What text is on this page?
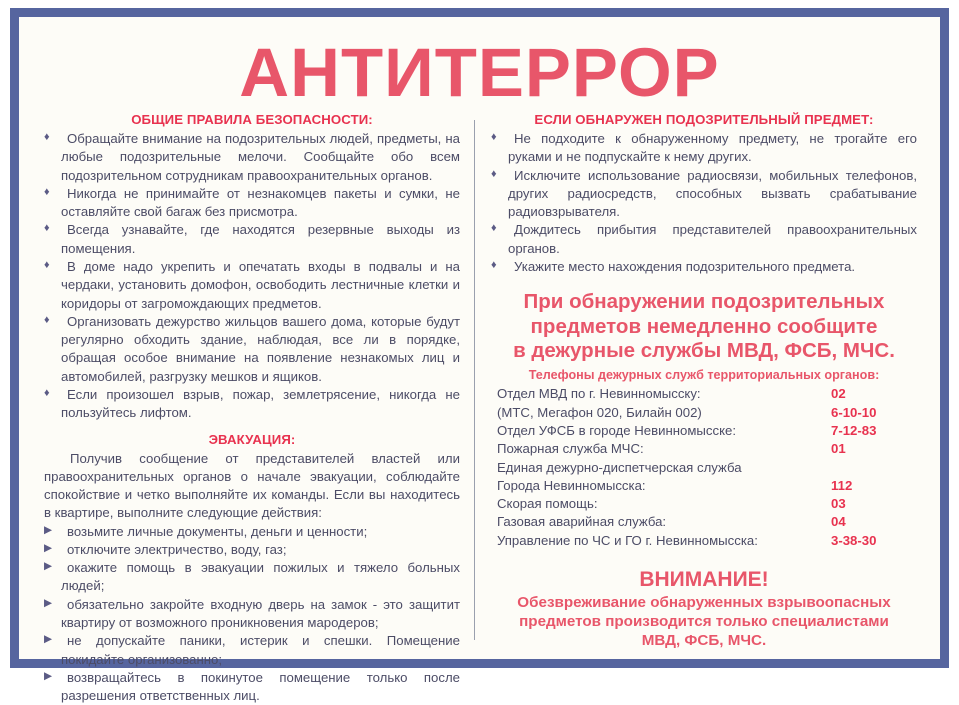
АНТИТЕРРОР
ОБЩИЕ ПРАВИЛА БЕЗОПАСНОСТИ:
♦ Обращайте внимание на подозрительных людей, предметы, на любые подозрительные мелочи. Сообщайте обо всем подозрительном сотрудникам правоохранительных органов.
♦ Никогда не принимайте от незнакомцев пакеты и сумки, не оставляйте свой багаж без присмотра.
♦ Всегда узнавайте, где находятся резервные выходы из помещения.
♦ В доме надо укрепить и опечатать входы в подвалы и на чердаки, установить домофон, освободить лестничные клетки и коридоры от загромождающих предметов.
♦ Организовать дежурство жильцов вашего дома, которые будут регулярно обходить здание, наблюдая, все ли в порядке, обращая особое внимание на появление незнакомых лиц и автомобилей, разгрузку мешков и ящиков.
♦ Если произошел взрыв, пожар, землетрясение, никогда не пользуйтесь лифтом.
ЭВАКУАЦИЯ:
Получив сообщение от представителей властей или правоохранительных органов о начале эвакуации, соблюдайте спокойствие и четко выполняйте их команды. Если вы находитесь в квартире, выполните следующие действия:
▶ возьмите личные документы, деньги и ценности;
▶ отключите электричество, воду, газ;
▶ окажите помощь в эвакуации пожилых и тяжело больных людей;
▶ обязательно закройте входную дверь на замок - это защитит квартиру от возможного проникновения мародеров;
▶ не допускайте паники, истерик и спешки. Помещение покидайте организованно;
▶ возвращайтесь в покинутое помещение только после разрешения ответственных лиц.
ЕСЛИ ОБНАРУЖЕН ПОДОЗРИТЕЛЬНЫЙ ПРЕДМЕТ:
♦ Не подходите к обнаруженному предмету, не трогайте его руками и не подпускайте к нему других.
♦ Исключите использование радиосвязи, мобильных телефонов, других радиосредств, способных вызвать срабатывание радиовзрывателя.
♦ Дождитесь прибытия представителей правоохранительных органов.
♦ Укажите место нахождения подозрительного предмета.
При обнаружении подозрительных
предметов немедленно сообщите
в дежурные службы МВД, ФСБ, МЧС.
Телефоны дежурных служб территориальных органов:
Отдел МВД по г. Невинномысску:	02
(МТС, Мегафон 020, Билайн 002)	6-10-10
Отдел УФСБ в городе Невинномысске:	7-12-83
Пожарная служба МЧС:	01
Единая дежурно-диспетчерская служба	
Города Невинномысска:	112
Скорая помощь:	03
Газовая аварийная служба:	04
Управление по ЧС и ГО г. Невинномысска:	3-38-30
ВНИМАНИЕ!
Обезвреживание обнаруженных взрывоопасных
предметов производится только специалистами
МВД, ФСБ, МЧС.
